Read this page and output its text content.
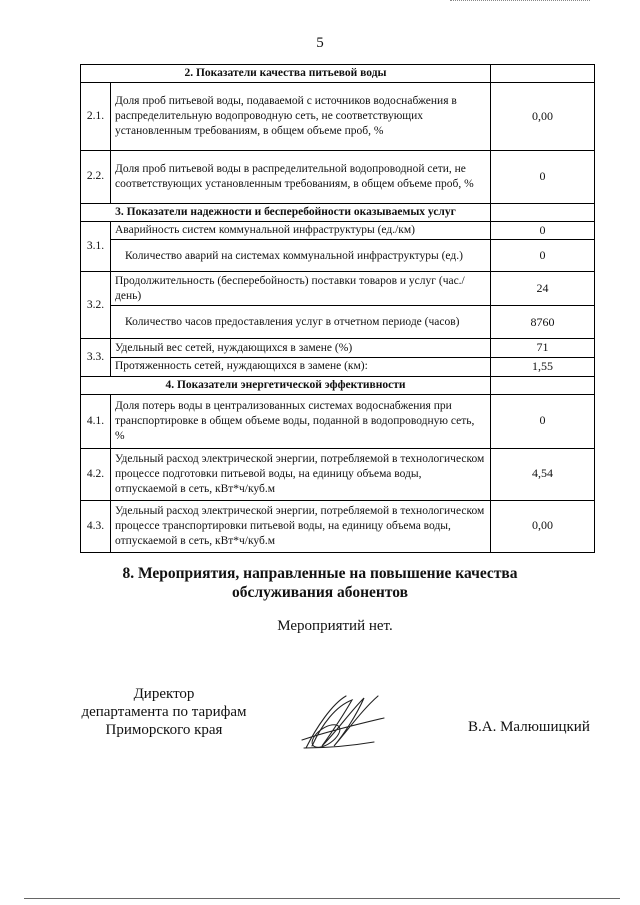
5
2. Показатели качества питьевой воды		
2.1.	Доля проб питьевой воды, подаваемой с источников водоснабжения в распределительную водопроводную сеть, не соответствующих установленным требованиям, в общем объеме проб, %	0,00
2.2.	Доля проб питьевой воды в распределительной водопроводной сети, не соответствующих установленным требованиям, в общем объеме проб, %	0
3. Показатели надежности и бесперебойности оказываемых услуг		
3.1.	Аварийность систем коммунальной инфраструктуры (ед./км)	0
	Количество аварий на системах коммунальной инфраструктуры (ед.)	0
3.2.	Продолжительность (бесперебойность) поставки товаров и услуг (час./день)	24
	Количество часов предоставления услуг в отчетном периоде (часов)	8760
3.3.	Удельный вес сетей, нуждающихся в замене (%)	71
	Протяженность сетей, нуждающихся в замене (км):	1,55
4. Показатели энергетической эффективности		
4.1.	Доля потерь воды в централизованных системах водоснабжения при транспортировке в общем объеме воды, поданной в водопроводную сеть, %	0
4.2.	Удельный расход электрической энергии, потребляемой в технологическом процессе подготовки питьевой воды, на единицу объема воды, отпускаемой в сеть, кВт*ч/куб.м	4,54
4.3.	Удельный расход электрической энергии, потребляемой в технологическом процессе транспортировки питьевой воды, на единицу объема воды, отпускаемой в сеть, кВт*ч/куб.м	0,00
8. Мероприятия, направленные на повышение качества
обслуживания абонентов
Мероприятий нет.
Директор
департамента по тарифам
Приморского края	В.А. Малюшицкий
